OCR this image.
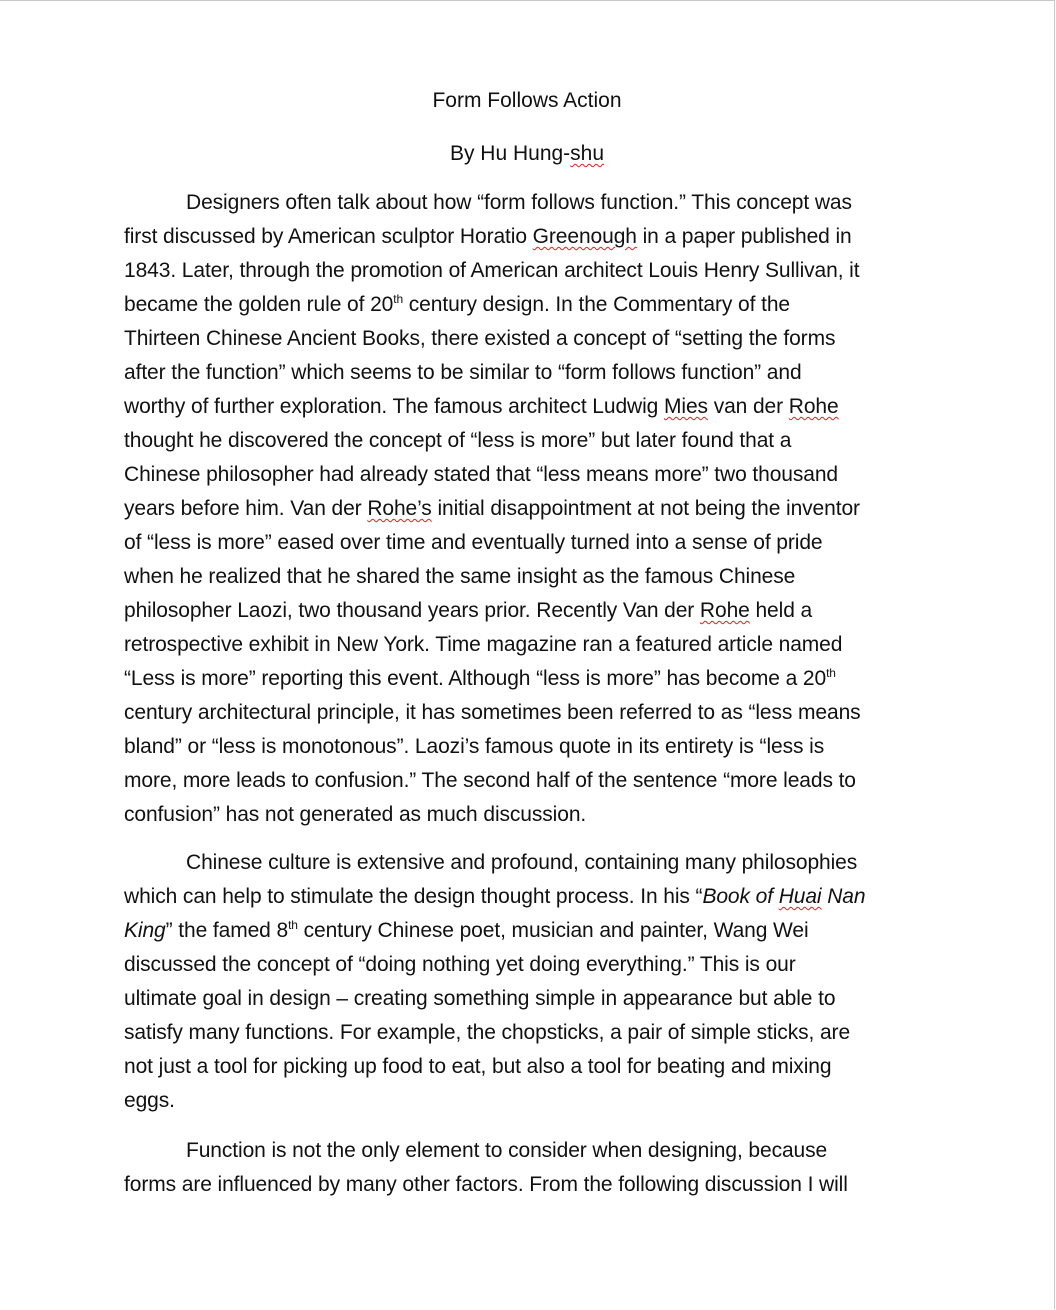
Form Follows Action
By Hu Hung-shu
Designers often talk about how “form follows function.” This concept was
first discussed by American sculptor Horatio Greenough in a paper published in
1843. Later, through the promotion of American architect Louis Henry Sullivan, it
became the golden rule of 20th century design. In the Commentary of the
Thirteen Chinese Ancient Books, there existed a concept of “setting the forms
after the function” which seems to be similar to “form follows function” and
worthy of further exploration. The famous architect Ludwig Mies van der Rohe
thought he discovered the concept of “less is more” but later found that a
Chinese philosopher had already stated that “less means more” two thousand
years before him. Van der Rohe’s initial disappointment at not being the inventor
of “less is more” eased over time and eventually turned into a sense of pride
when he realized that he shared the same insight as the famous Chinese
philosopher Laozi, two thousand years prior. Recently Van der Rohe held a
retrospective exhibit in New York. Time magazine ran a featured article named
“Less is more” reporting this event. Although “less is more” has become a 20th
century architectural principle, it has sometimes been referred to as “less means
bland” or “less is monotonous”. Laozi’s famous quote in its entirety is “less is
more, more leads to confusion.” The second half of the sentence “more leads to
confusion” has not generated as much discussion.
Chinese culture is extensive and profound, containing many philosophies
which can help to stimulate the design thought process. In his “Book of Huai Nan
King” the famed 8th century Chinese poet, musician and painter, Wang Wei
discussed the concept of “doing nothing yet doing everything.” This is our
ultimate goal in design – creating something simple in appearance but able to
satisfy many functions. For example, the chopsticks, a pair of simple sticks, are
not just a tool for picking up food to eat, but also a tool for beating and mixing
eggs.
Function is not the only element to consider when designing, because
forms are influenced by many other factors. From the following discussion I will
